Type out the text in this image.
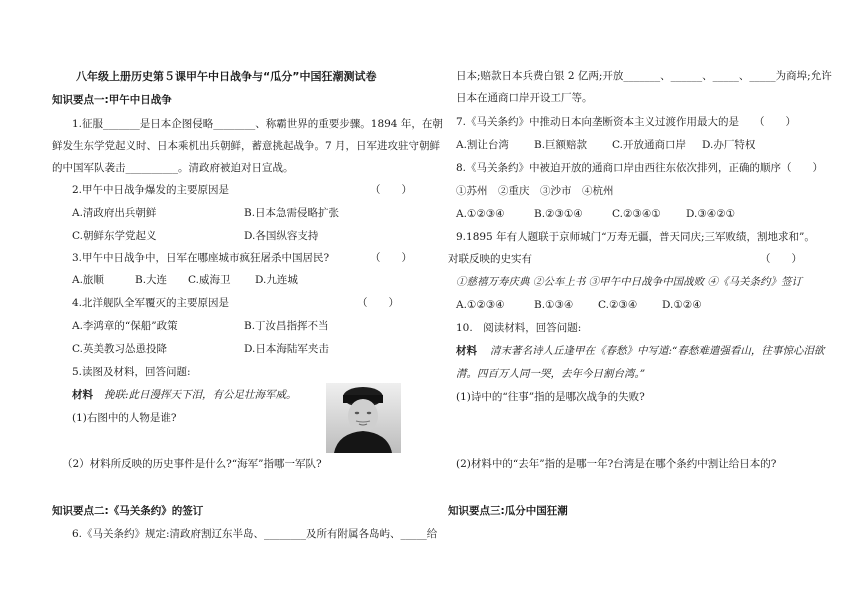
八年级上册历史第５课甲午中日战争与“瓜分”中国狂潮测试卷
知识要点一:甲午中日战争
1.征服_______是日本企图侵略________、称霸世界的重要步骤。1894 年，在朝
鲜发生东学党起义时、日本乘机出兵朝鲜，蓄意挑起战争。7 月，日军进攻驻守朝鲜
的中国军队袭击__________。清政府被迫对日宣战。
2.甲午中日战争爆发的主要原因是	（　　）
A.清政府出兵朝鲜	B.日本急需侵略扩张
C.朝鲜东学党起义	D.各国纵容支持
3.甲午中日战争中，日军在哪座城市疯狂屠杀中国居民?	（　　）
A.旅顺	B.大连 C.威海卫 D.九连城
4.北洋舰队全军覆灭的主要原因是	（　　）
A.李鸿章的“保船”政策	B.丁汝昌指挥不当
C.英美教习怂恿投降	D.日本海陆军夹击
5.读图及材料，回答问题:
材料 挽联:此日漫挥天下泪，有公足壮海军威。
(1)右图中的人物是谁?
（2）材料所反映的历史事件是什么?“海军”指哪一军队?
知识要点二:《马关条约》的签订
6.《马关条约》规定:清政府割辽东半岛、________及所有附属各岛屿、_____给
日本;赔款日本兵费白银 2 亿两;开放_______、______、_____、_____为商埠;允许
日本在通商口岸开设工厂等。
7.《马关条约》中推动日本向垄断资本主义过渡作用最大的是 （　　）
A.割让台湾 B.巨额赔款 C.开放通商口岸 D.办厂特权
8.《马关条约》中被迫开放的通商口岸由西往东依次排列，正确的顺序（　　）
①苏州　②重庆　③沙市　④杭州
A.①②③④	B.②③①④	C.②③④① D.③④②①
9.1895 年有人题联于京师城门“万寿无疆，普天同庆;三军败绩，割地求和”。
对联反映的史实有	（　　）
①慈禧万寿庆典 ②公车上书 ③甲午中日战争中国战败 ④《马关条约》签订
A.①②③④	B.①③④ C.②③④ D.①②④
10.　阅读材料，回答问题:
材料 清末著名诗人丘逢甲在《春愁》中写道:“春愁难遣强看山，往事惊心泪欲
潸。四百万人同一哭，去年今日割台湾。”
(1)诗中的“往事”指的是哪次战争的失败?
(2)材料中的“去年”指的是哪一年?台湾是在哪个条约中割让给日本的?
知识要点三:瓜分中国狂潮
